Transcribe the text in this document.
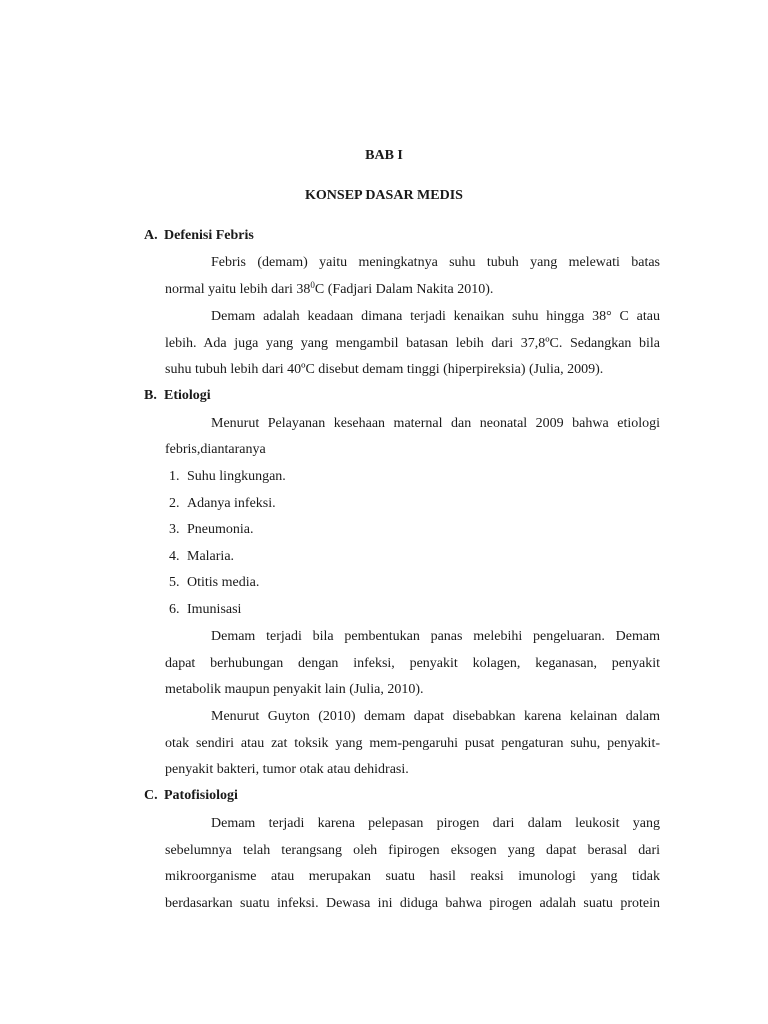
BAB I

KONSEP DASAR MEDIS

A. Defenisi Febris

Febris (demam) yaitu meningkatnya suhu tubuh yang melewati batas

normal yaitu lebih dari $38^0C$ (Fadjari Dalam Nakita 2010).

Demam adalah keadaan dimana terjadi kenaikan suhu hingga 38° C atau

lebih. Ada juga yang yang mengambil batasan lebih dari 37,8ºC. Sedangkan bila

suhu tubuh lebih dari 40ºC disebut demam tinggi (hiperpireksia) (Julia, 2009).

B. Etiologi

Menurut Pelayanan kesehaan maternal dan neonatal 2009 bahwa etiologi

febris,diantaranya

1. Suhu lingkungan.

2. Adanya infeksi.

3. Pneumonia.

4. Malaria.

5. Otitis media.

6. Imunisasi

Demam terjadi bila pembentukan panas melebihi pengeluaran. Demam

dapat berhubungan dengan infeksi, penyakit kolagen, keganasan, penyakit

metabolik maupun penyakit lain (Julia, 2010).

Menurut Guyton (2010) demam dapat disebabkan karena kelainan dalam

otak sendiri atau zat toksik yang mem-pengaruhi pusat pengaturan suhu, penyakit-

penyakit bakteri, tumor otak atau dehidrasi.

C. Patofisiologi

Demam terjadi karena pelepasan pirogen dari dalam leukosit yang

sebelumnya telah terangsang oleh fipirogen eksogen yang dapat berasal dari

mikroorganisme atau merupakan suatu hasil reaksi imunologi yang tidak

berdasarkan suatu infeksi. Dewasa ini diduga bahwa pirogen adalah suatu protein
